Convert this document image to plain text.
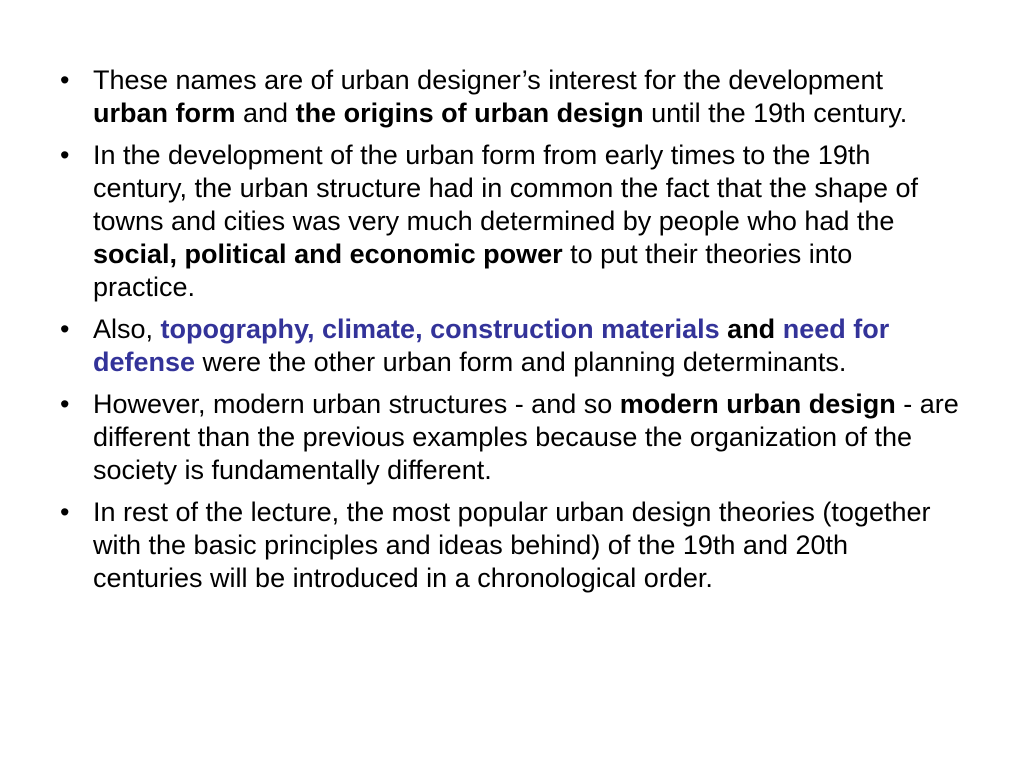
• These names are of urban designer’s interest for the development urban form and the origins of urban design until the 19th century.
• In the development of the urban form from early times to the 19th century, the urban structure had in common the fact that the shape of towns and cities was very much determined by people who had the social, political and economic power to put their theories into practice.
• Also, topography, climate, construction materials and need for defense were the other urban form and planning determinants.
• However, modern urban structures - and so modern urban design - are different than the previous examples because the organization of the society is fundamentally different.
• In rest of the lecture, the most popular urban design theories (together with the basic principles and ideas behind) of the 19th and 20th centuries will be introduced in a chronological order.
